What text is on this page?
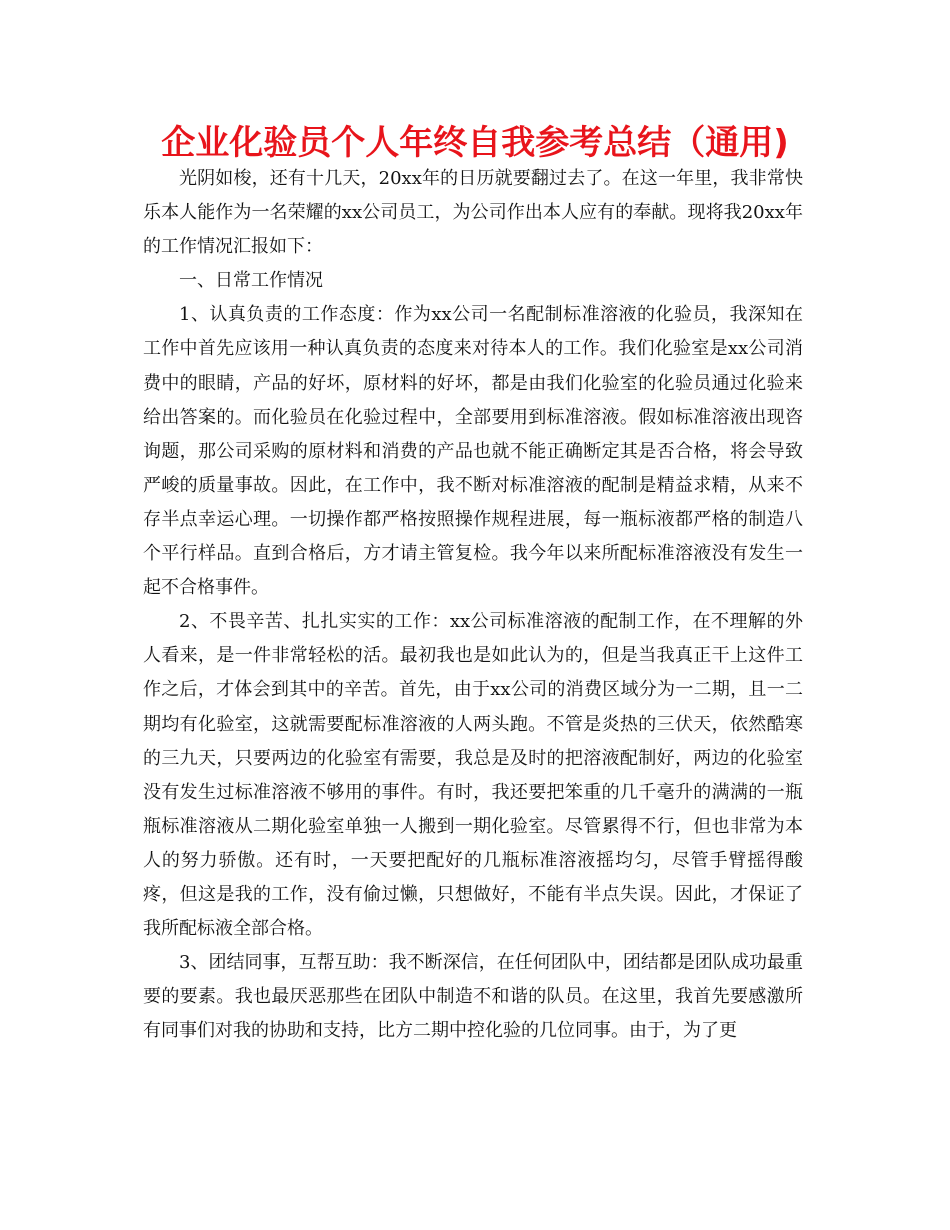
企业化验员个人年终自我参考总结（通用)

光阴如梭，还有十几天，20xx年的日历就要翻过去了。在这一年里，我非常快乐本人能作为一名荣耀的xx公司员工，为公司作出本人应有的奉献。现将我20xx年的工作情况汇报如下：

一、日常工作情况

1、认真负责的工作态度：作为xx公司一名配制标准溶液的化验员，我深知在工作中首先应该用一种认真负责的态度来对待本人的工作。我们化验室是xx公司消费中的眼睛，产品的好坏，原材料的好坏，都是由我们化验室的化验员通过化验来给出答案的。而化验员在化验过程中，全部要用到标准溶液。假如标准溶液出现咨询题，那公司采购的原材料和消费的产品也就不能正确断定其是否合格，将会导致严峻的质量事故。因此，在工作中，我不断对标准溶液的配制是精益求精，从来不存半点幸运心理。一切操作都严格按照操作规程进展，每一瓶标液都严格的制造八个平行样品。直到合格后，方才请主管复检。我今年以来所配标准溶液没有发生一起不合格事件。

2、不畏辛苦、扎扎实实的工作：xx公司标准溶液的配制工作，在不理解的外人看来，是一件非常轻松的活。最初我也是如此认为的，但是当我真正干上这件工作之后，才体会到其中的辛苦。首先，由于xx公司的消费区域分为一二期，且一二期均有化验室，这就需要配标准溶液的人两头跑。不管是炎热的三伏天，依然酷寒的三九天，只要两边的化验室有需要，我总是及时的把溶液配制好，两边的化验室没有发生过标准溶液不够用的事件。有时，我还要把笨重的几千毫升的满满的一瓶瓶标准溶液从二期化验室单独一人搬到一期化验室。尽管累得不行，但也非常为本人的努力骄傲。还有时，一天要把配好的几瓶标准溶液摇均匀，尽管手臂摇得酸疼，但这是我的工作，没有偷过懒，只想做好，不能有半点失误。因此，才保证了我所配标液全部合格。

3、团结同事，互帮互助：我不断深信，在任何团队中，团结都是团队成功最重要的要素。我也最厌恶那些在团队中制造不和谐的队员。在这里，我首先要感激所有同事们对我的协助和支持，比方二期中控化验的几位同事。由于，为了更
